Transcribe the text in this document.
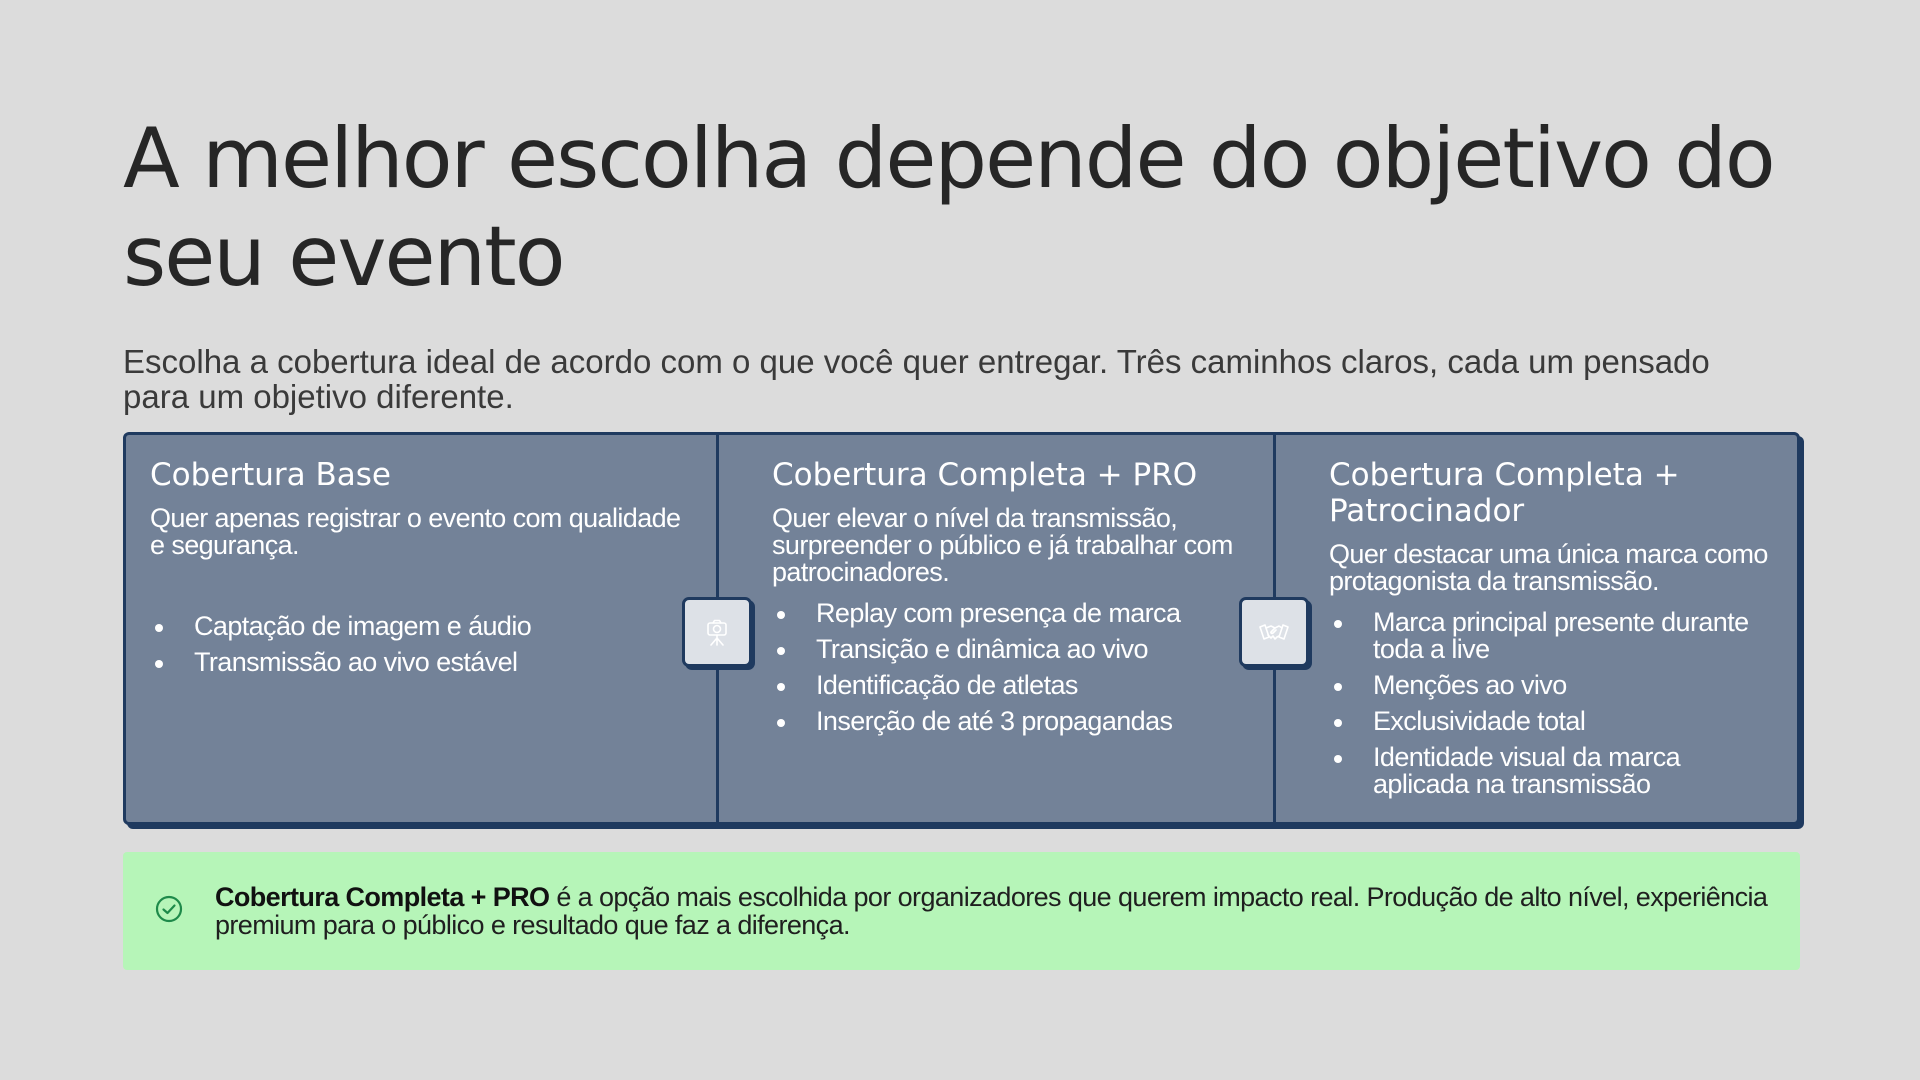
A melhor escolha depende do objetivo do seu evento

Escolha a cobertura ideal de acordo com o que você quer entregar. Três caminhos claros, cada um pensado para um objetivo diferente.

Cobertura Base
Quer apenas registrar o evento com qualidade e segurança.
Captação de imagem e áudio
Transmissão ao vivo estável
Cobertura Completa + PRO
Quer elevar o nível da transmissão, surpreender o público e já trabalhar com patrocinadores.
Replay com presença de marca
Transição e dinâmica ao vivo
Identificação de atletas
Inserção de até 3 propagandas
Cobertura Completa + Patrocinador
Quer destacar uma única marca como protagonista da transmissão.
Marca principal presente durante toda a live
Menções ao vivo
Exclusividade total
Identidade visual da marca aplicada na transmissão

Cobertura Completa + PRO é a opção mais escolhida por organizadores que querem impacto real. Produção de alto nível, experiência premium para o público e resultado que faz a diferença.
